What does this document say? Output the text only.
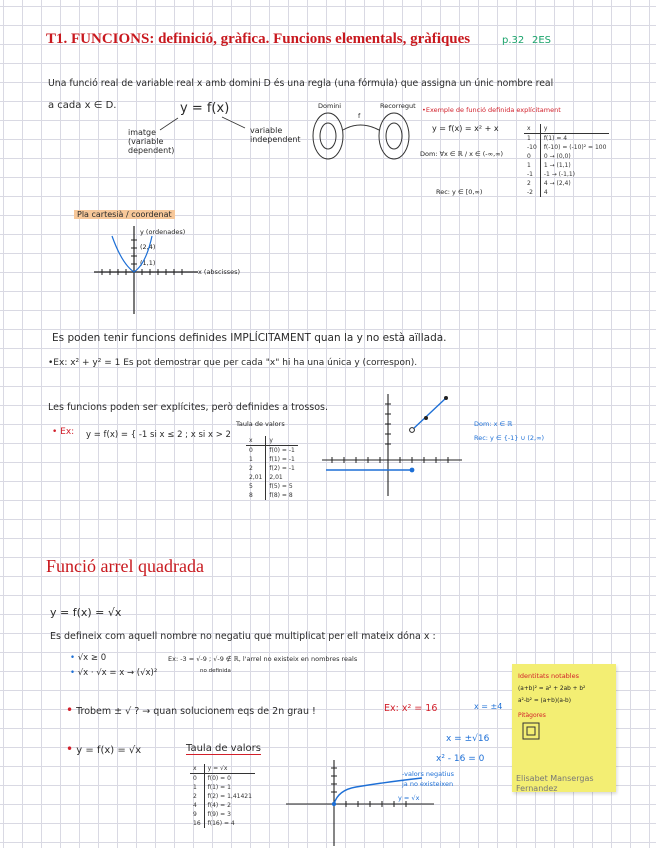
T1. FUNCIONS: definició, gràfica. Funcions elementals, gràfiques	p.32 2ES
Una funció real de variable real x amb domini D és una regla (una fórmula) que assigna un únic nombre real
a cada x ∈ D.	y = f(x)
imatge (variable dependent)
variable independent
Domini	Recorregut
f
•Exemple de funció definida explícitament
y = f(x) = x² + x
Dom: ∀x ∈ ℝ / x ∈ (-∞,∞)
Rec: y ∈ [0,∞)
x	y
1	f(1) = 4
-10	f(-10) = (-10)² = 100
0	0 → (0,0)
1	1 → (1,1)
-1	-1 → (-1,1)
2	4 → (2,4)
-2	4
Pla cartesià / coordenat
y (ordenades)
x (abscisses)
(2,4)
(1,1)
Es poden tenir funcions definides IMPLÍCITAMENT quan la y no està aïllada.
•Ex: x² + y² = 1 Es pot demostrar que per cada "x" hi ha una única y (correspon).
Les funcions poden ser explícites, però definides a trossos.
• Ex: y = f(x) = { -1 si x ≤ 2 ; x si x > 2
Taula de valors
x	y
0	f(0) = -1
1	f(1) = -1
2	f(2) = -1
2,01	2,01
5	f(5) = 5
8	f(8) = 8
Dom: x ∈ ℝ
Rec: y ∈ {-1} ∪ (2,∞)
Funció arrel quadrada
y = f(x) = √x
Es defineix com aquell nombre no negatiu que multiplicat per ell mateix dóna x :
• √x ≥ 0
• √x · √x = x → (√x)²
Ex: -3 = √-9 ; √-9 ∉ ℝ, l'arrel no existeix en nombres reals
no definida
• Trobem ± √ ? → quan solucionem eqs de 2n grau !	Ex: x² = 16	x = ±4
x = ±√16
x² - 16 = 0
• y = f(x) = √x	Taula de valors
x	y = √x
0	f(0) = 0
1	f(1) = 1
2	f(2) = 1,41421
4	f(4) = 2
9	f(9) = 3
16	f(16) = 4
y = √x
-valors negatius
ja no existeixen
Identitats notables
(a+b)² = a² + 2ab + b²
a²-b² = (a+b)(a-b)
Pitàgores
Elisabet Mansergas Fernandez
